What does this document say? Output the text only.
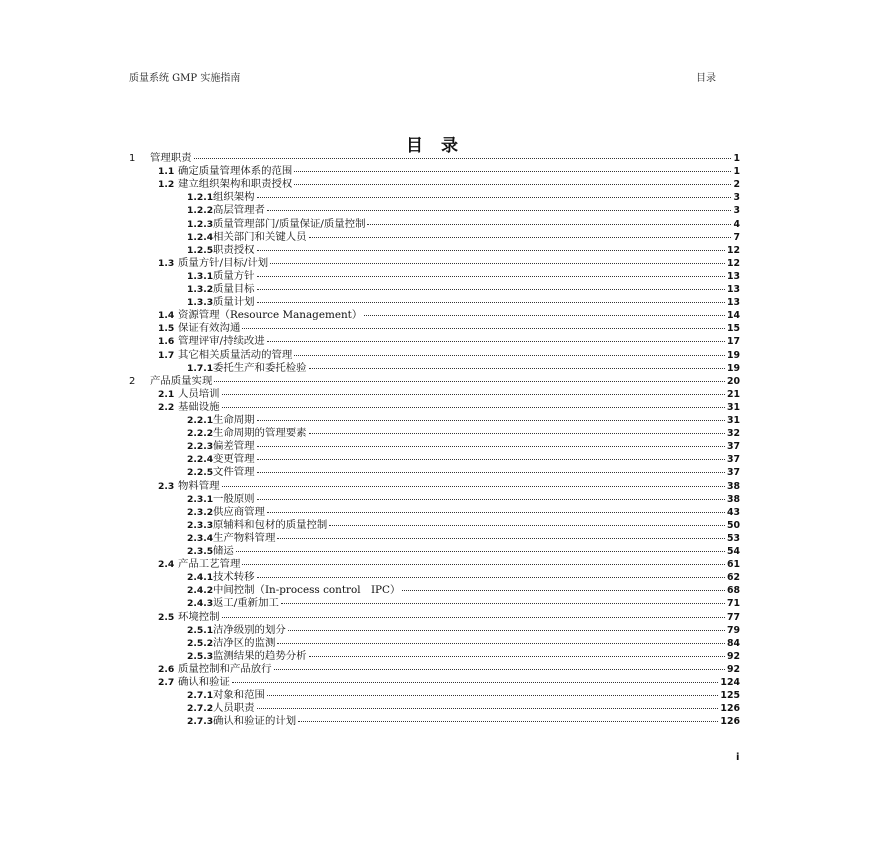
质量系统 GMP 实施指南	目录
目 录
1 管理职责	1
1.1 确定质量管理体系的范围	1
1.2 建立组织架构和职责授权	2
1.2.1 组织架构	3
1.2.2 高层管理者	3
1.2.3 质量管理部门/质量保证/质量控制	4
1.2.4 相关部门和关键人员	7
1.2.5 职责授权	12
1.3 质量方针/目标/计划	12
1.3.1 质量方针	13
1.3.2 质量目标	13
1.3.3 质量计划	13
1.4 资源管理（Resource Management）	14
1.5 保证有效沟通	15
1.6 管理评审/持续改进	17
1.7 其它相关质量活动的管理	19
1.7.1 委托生产和委托检验	19
2 产品质量实现	20
2.1 人员培训	21
2.2 基础设施	31
2.2.1 生命周期	31
2.2.2 生命周期的管理要素	32
2.2.3 偏差管理	37
2.2.4 变更管理	37
2.2.5 文件管理	37
2.3 物料管理	38
2.3.1 一般原则	38
2.3.2 供应商管理	43
2.3.3 原辅料和包材的质量控制	50
2.3.4 生产物料管理	53
2.3.5 储运	54
2.4 产品工艺管理	61
2.4.1 技术转移	62
2.4.2 中间控制（In-process control　IPC）	68
2.4.3 返工/重新加工	71
2.5 环境控制	77
2.5.1 洁净级别的划分	79
2.5.2 洁净区的监测	84
2.5.3 监测结果的趋势分析	92
2.6 质量控制和产品放行	92
2.7 确认和验证	124
2.7.1 对象和范围	125
2.7.2 人员职责	126
2.7.3 确认和验证的计划	126
i
